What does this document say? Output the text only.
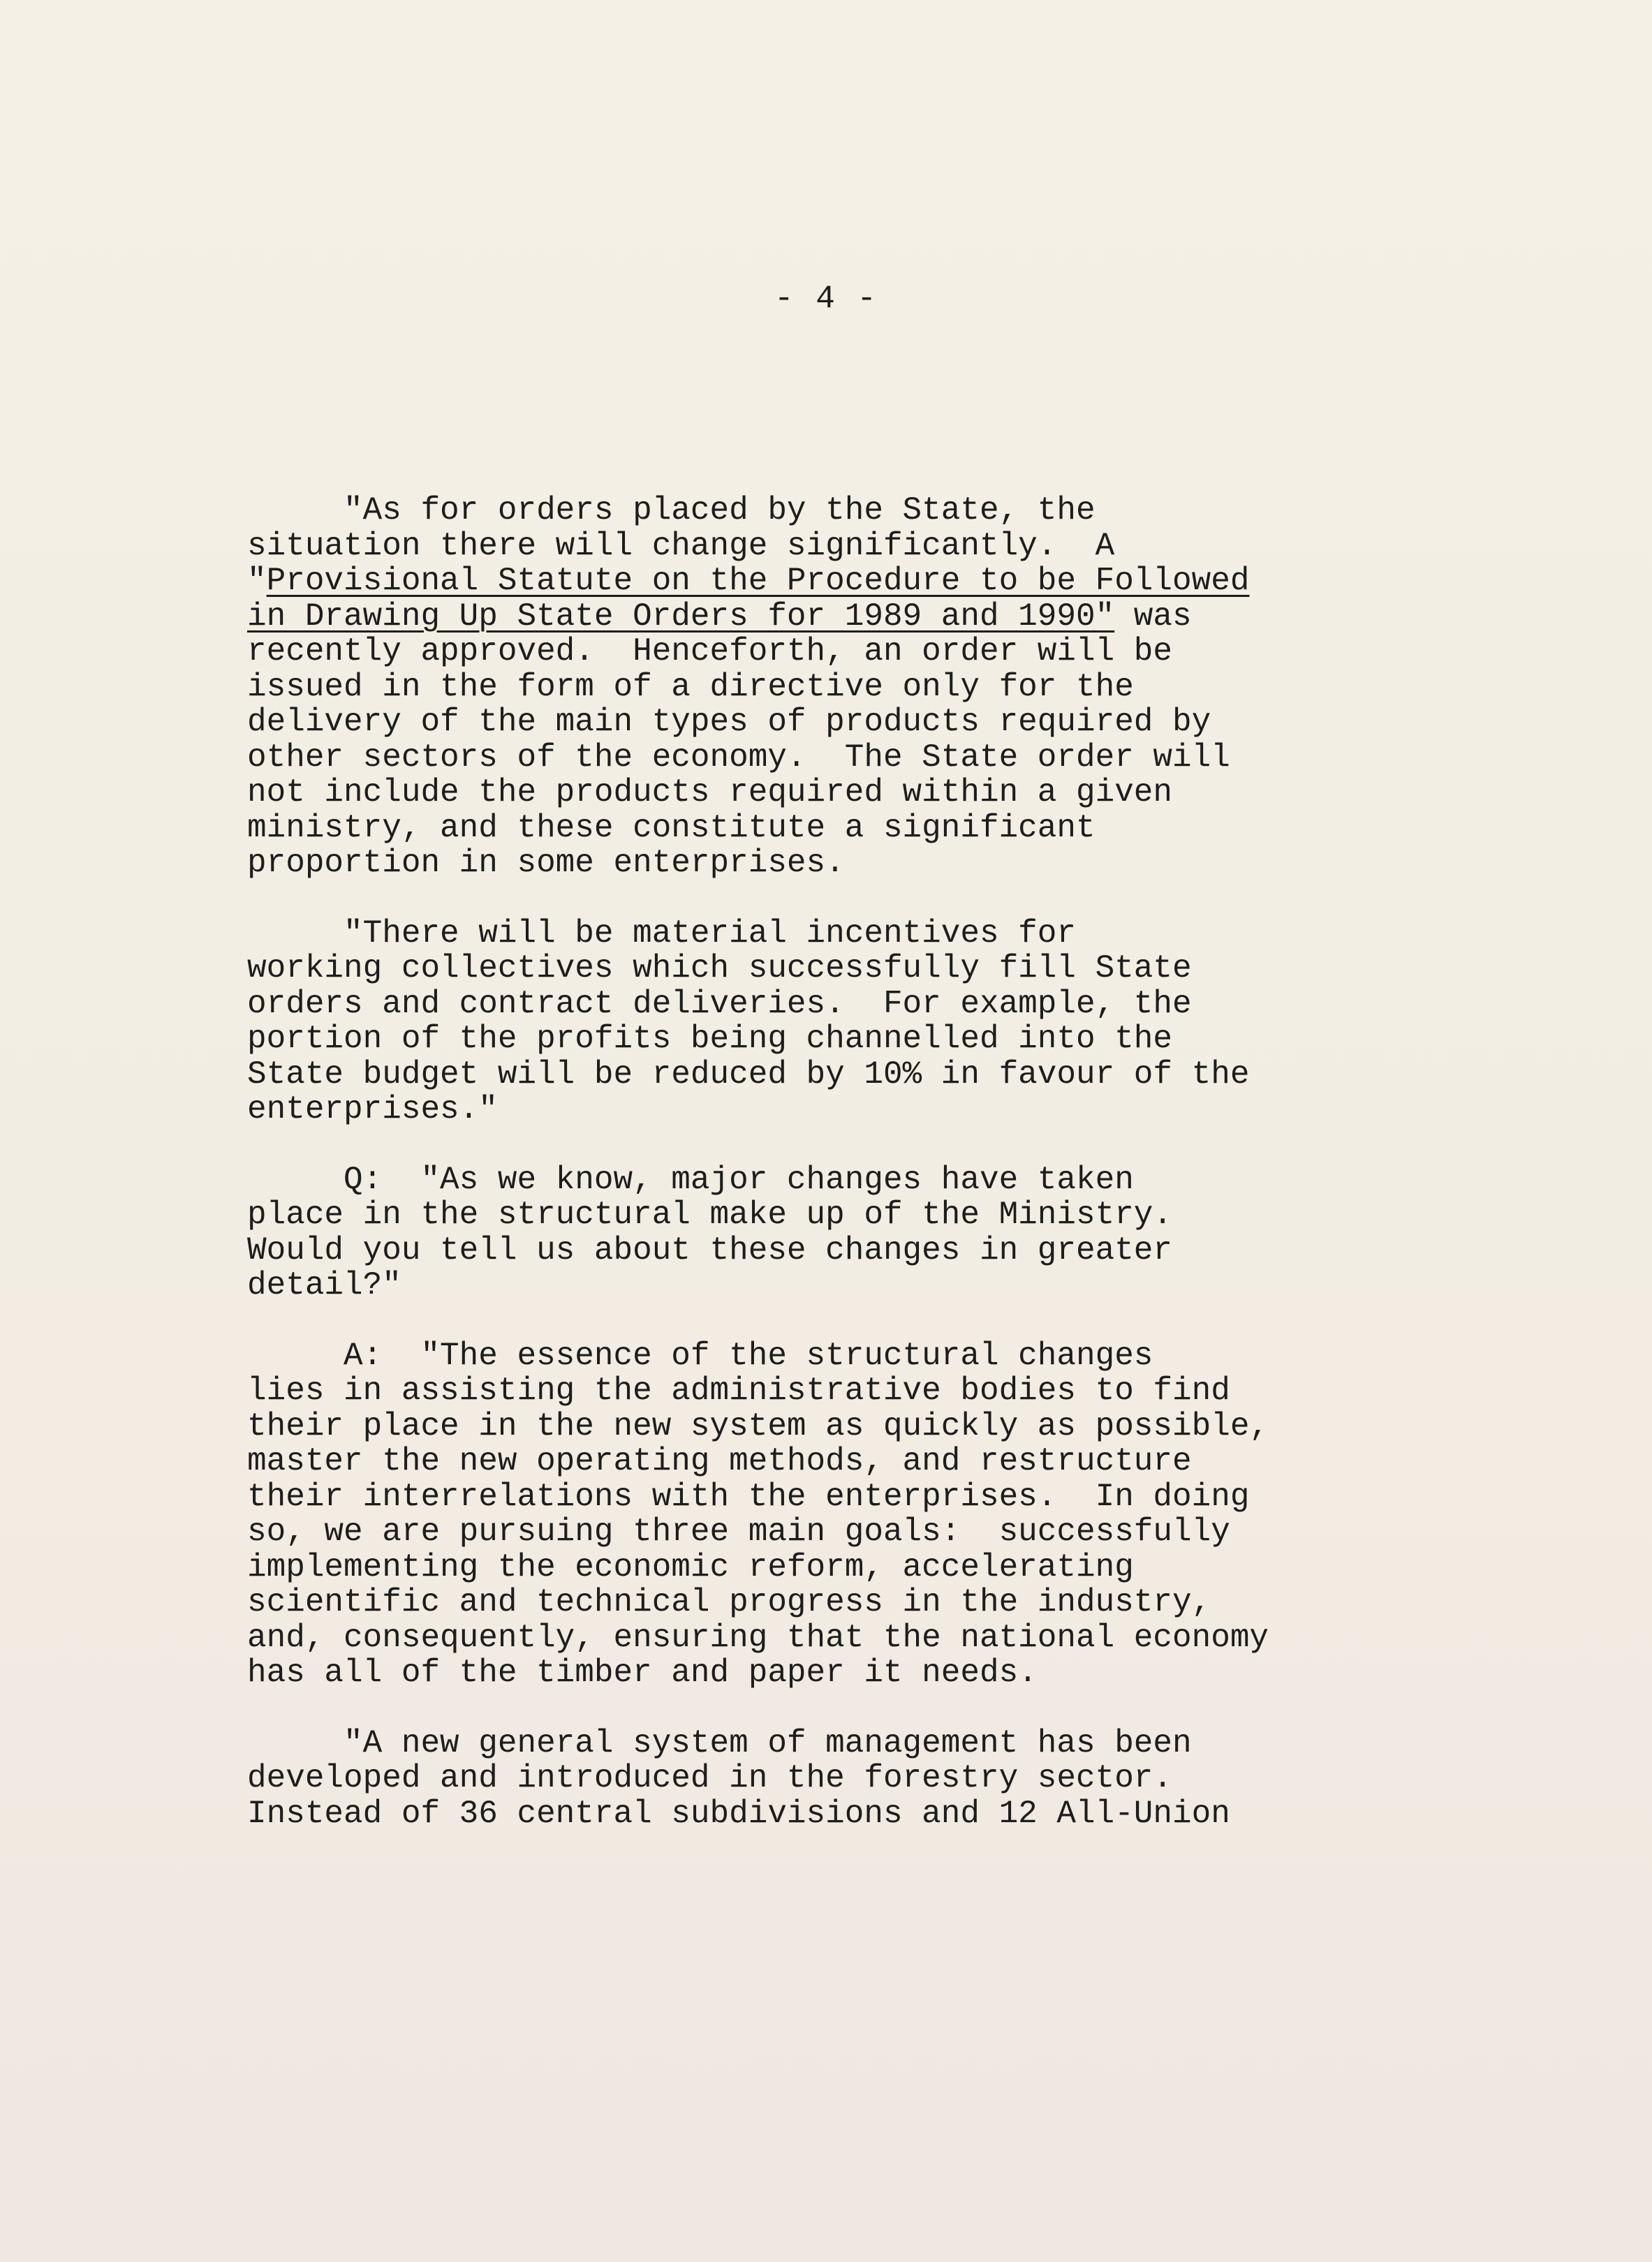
- 4 -
"As for orders placed by the State, the
situation there will change significantly.  A
"Provisional Statute on the Procedure to be Followed
in Drawing Up State Orders for 1989 and 1990" was
recently approved.  Henceforth, an order will be
issued in the form of a directive only for the
delivery of the main types of products required by
other sectors of the economy.  The State order will
not include the products required within a given
ministry, and these constitute a significant
proportion in some enterprises.
"There will be material incentives for
working collectives which successfully fill State
orders and contract deliveries.  For example, the
portion of the profits being channelled into the
State budget will be reduced by 10% in favour of the
enterprises."
Q:  "As we know, major changes have taken
place in the structural make up of the Ministry.
Would you tell us about these changes in greater
detail?"
A:  "The essence of the structural changes
lies in assisting the administrative bodies to find
their place in the new system as quickly as possible,
master the new operating methods, and restructure
their interrelations with the enterprises.  In doing
so, we are pursuing three main goals:  successfully
implementing the economic reform, accelerating
scientific and technical progress in the industry,
and, consequently, ensuring that the national economy
has all of the timber and paper it needs.
"A new general system of management has been
developed and introduced in the forestry sector.
Instead of 36 central subdivisions and 12 All-Union
